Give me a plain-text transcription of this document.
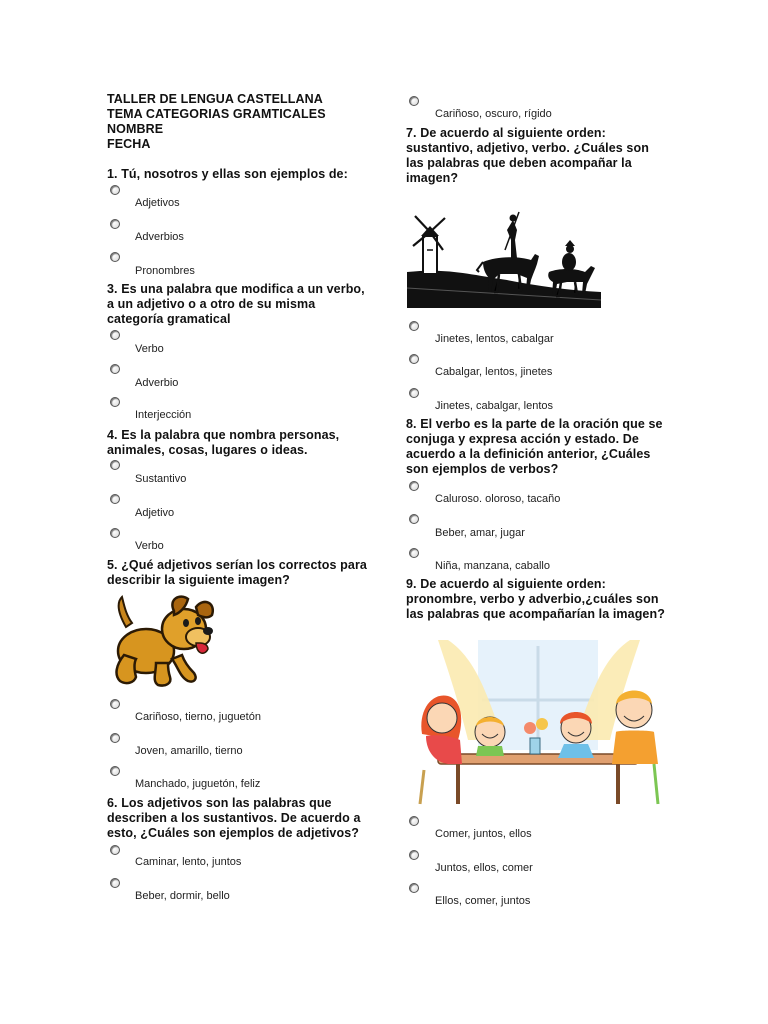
TALLER DE LENGUA CASTELLANA
TEMA CATEGORIAS GRAMTICALES
NOMBRE
FECHA
1. Tú, nosotros y ellas son ejemplos de:
Adjetivos
Adverbios
Pronombres
3. Es una palabra que modifica a un verbo, a un adjetivo o a otro de su misma categoría gramatical
Verbo
Adverbio
Interjección
4. Es la palabra que nombra personas, animales, cosas, lugares o ideas.
Sustantivo
Adjetivo
Verbo
5. ¿Qué adjetivos serían los correctos para describir la siguiente imagen?
Cariñoso, tierno, juguetón
Joven, amarillo, tierno
Manchado, juguetón, feliz
6. Los adjetivos son las palabras que describen a los sustantivos. De acuerdo a esto, ¿Cuáles son ejemplos de adjetivos?
Caminar, lento, juntos
Beber, dormir, bello
Cariñoso, oscuro, rígido
7. De acuerdo al siguiente orden: sustantivo, adjetivo, verbo. ¿Cuáles son las palabras que deben acompañar la imagen?
Jinetes, lentos, cabalgar
Cabalgar, lentos, jinetes
Jinetes, cabalgar, lentos
8. El verbo es la parte de la oración que se conjuga y expresa acción y estado. De acuerdo a la definición anterior, ¿Cuáles son ejemplos de verbos?
Caluroso. oloroso, tacaño
Beber, amar, jugar
Niña, manzana, caballo
9. De acuerdo al siguiente orden: pronombre, verbo y adverbio,¿cuáles son las palabras que acompañarían la imagen?
Comer, juntos, ellos
Juntos, ellos, comer
Ellos, comer, juntos
